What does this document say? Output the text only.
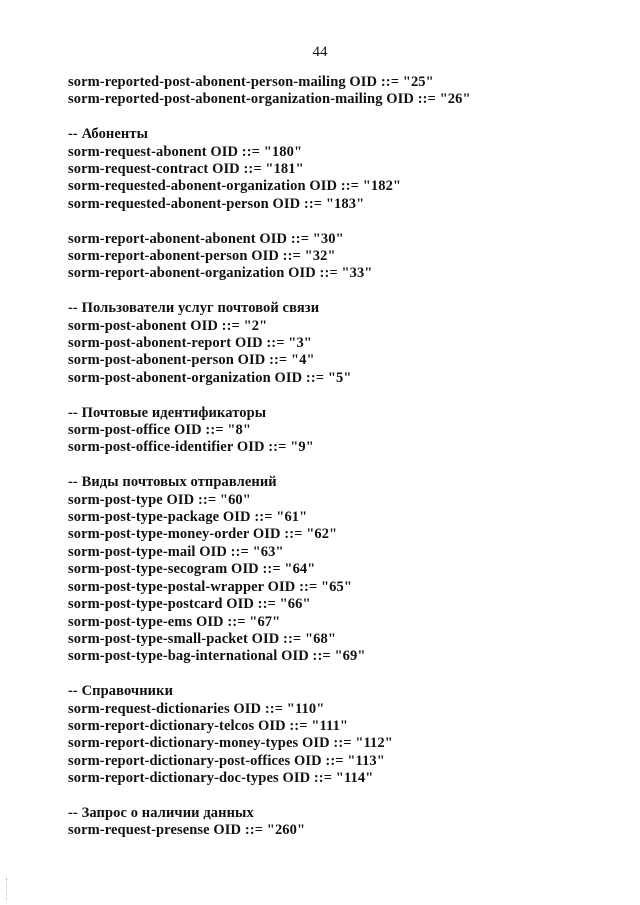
44
sorm-reported-post-abonent-person-mailing OID ::= "25"
sorm-reported-post-abonent-organization-mailing OID ::= "26"
-- Абоненты
sorm-request-abonent OID ::= "180"
sorm-request-contract OID ::= "181"
sorm-requested-abonent-organization OID ::= "182"
sorm-requested-abonent-person OID ::= "183"
sorm-report-abonent-abonent OID ::= "30"
sorm-report-abonent-person OID ::= "32"
sorm-report-abonent-organization OID ::= "33"
-- Пользователи услуг почтовой связи
sorm-post-abonent OID ::= "2"
sorm-post-abonent-report OID ::= "3"
sorm-post-abonent-person OID ::= "4"
sorm-post-abonent-organization OID ::= "5"
-- Почтовые идентификаторы
sorm-post-office OID ::= "8"
sorm-post-office-identifier OID ::= "9"
-- Виды почтовых отправлений
sorm-post-type OID ::= "60"
sorm-post-type-package OID ::= "61"
sorm-post-type-money-order OID ::= "62"
sorm-post-type-mail OID ::= "63"
sorm-post-type-secogram OID ::= "64"
sorm-post-type-postal-wrapper OID ::= "65"
sorm-post-type-postcard OID ::= "66"
sorm-post-type-ems OID ::= "67"
sorm-post-type-small-packet OID ::= "68"
sorm-post-type-bag-international OID ::= "69"
-- Справочники
sorm-request-dictionaries OID ::= "110"
sorm-report-dictionary-telcos OID ::= "111"
sorm-report-dictionary-money-types OID ::= "112"
sorm-report-dictionary-post-offices OID ::= "113"
sorm-report-dictionary-doc-types OID ::= "114"
-- Запрос о наличии данных
sorm-request-presense OID ::= "260"
